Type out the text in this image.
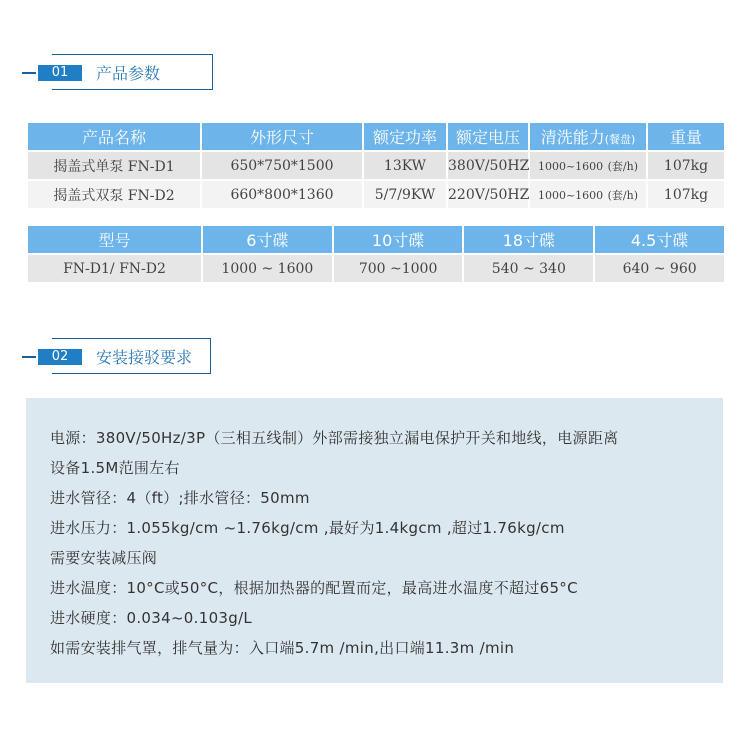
01	产品参数
产品名称	外形尺寸	额定功率	额定电压	清洗能力(餐盘)	重量
揭盖式单泵 FN-D1	650*750*1500	13KW	380V/50HZ	1000~1600 (套/h)	107kg
揭盖式双泵 FN-D2	660*800*1360	5/7/9KW	220V/50HZ	1000~1600 (套/h)	107kg
型号	6寸碟	10寸碟	18寸碟	4.5寸碟
FN-D1/ FN-D2	1000 ~ 1600	700 ~1000	540 ~ 340	640 ~ 960
02	安装接驳要求

电源：380V/50Hz/3P（三相五线制）外部需接独立漏电保护开关和地线，电源距离

设备1.5M范围左右

进水管径：4（ft）;排水管径：50mm

进水压力：1.055kg/cm ~1.76kg/cm ,最好为1.4kgcm ,超过1.76kg/cm

需要安装减压阀

进水温度：10°C或50°C，根据加热器的配置而定，最高进水温度不超过65°C

进水硬度：0.034~0.103g/L

如需安装排气罩，排气量为：入口端5.7m /min,出口端11.3m /min
